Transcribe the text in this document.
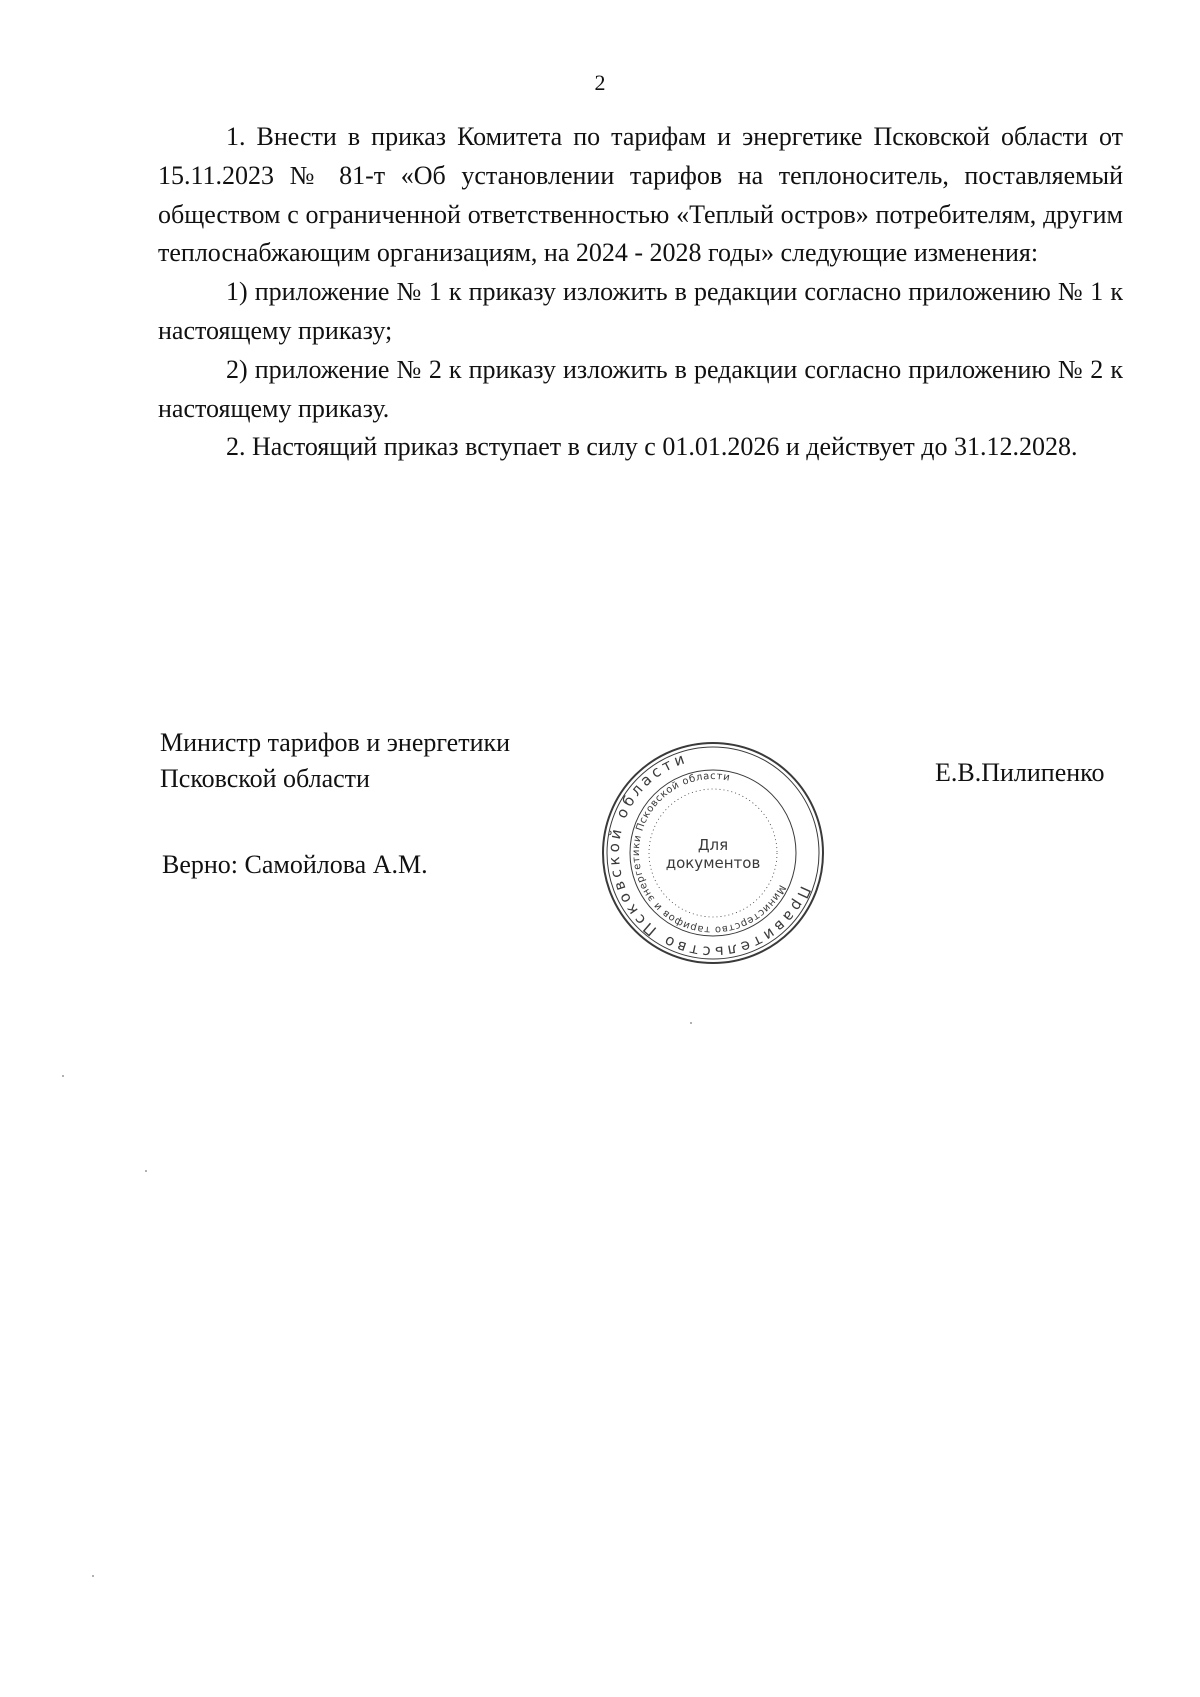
2

1. Внести в приказ Комитета по тарифам и энергетике Псковской области от 15.11.2023 № 81-т «Об установлении тарифов на теплоноситель, поставляемый обществом с ограниченной ответственностью «Теплый остров» потребителям, другим теплоснабжающим организациям, на 2024 - 2028 годы» следующие изменения:

1) приложение № 1 к приказу изложить в редакции согласно приложению № 1 к настоящему приказу;

2) приложение № 2 к приказу изложить в редакции согласно приложению № 2 к настоящему приказу.

2. Настоящий приказ вступает в силу с 01.01.2026 и действует до 31.12.2028.

Министр тарифов и энергетики
Псковской области	Е.В.Пилипенко
Верно: Самойлова А.М.
Правительство Псковской области
Министерство тарифов и энергетики Псковской области
Для
документов
